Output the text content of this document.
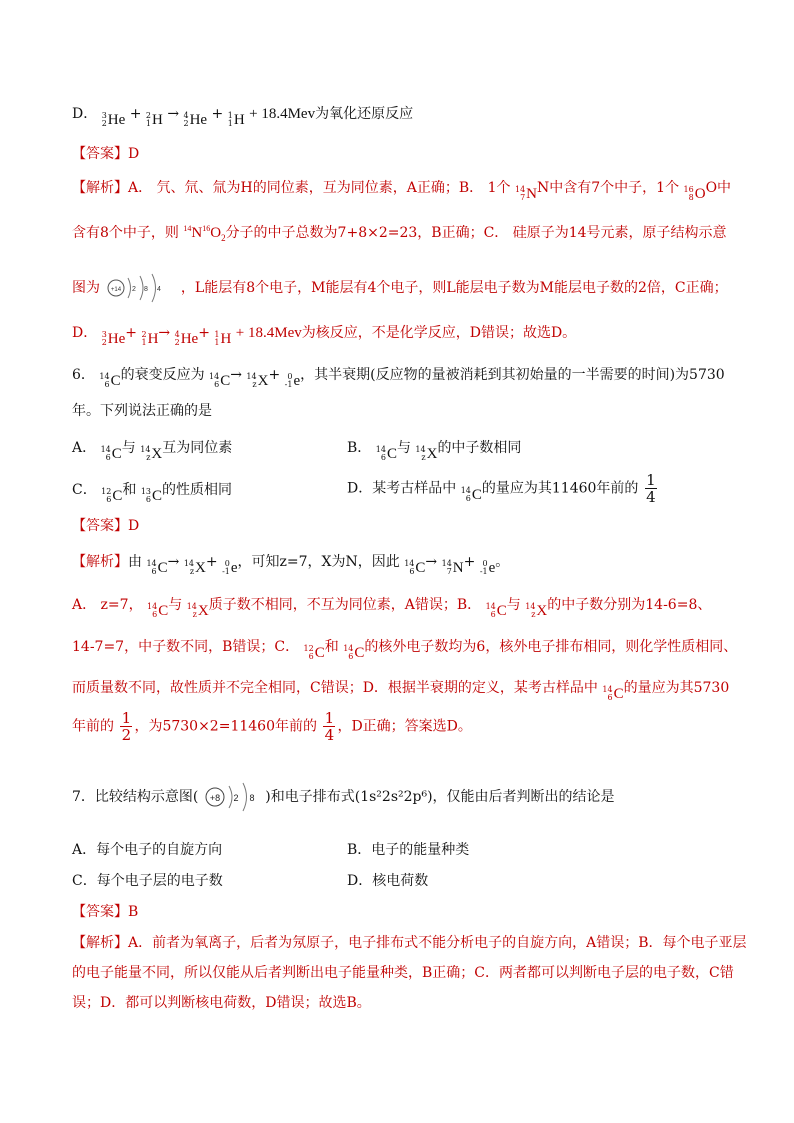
D． 3
2 He + 2
1 H → 4
2 He + 1
1 H + 18.4Mev为氧化还原反应
【答案】D
【解析】A． 氕、氘、氚为H的同位素，互为同位素，A正确；B． 1个 14
7 N N中含有7个中子，1个 16
8 O O中
含有8个中子，则 $^{14}N^{16}O_2$分子的中子总数为7+8×2=23，B正确；C． 硅原子为14号元素，原子结构示意
图为 +14 2 8 4 ，L能层有8个电子，M能层有4个电子，则L能层电子数为M能层电子数的2倍，C正确；
D． 3
2 He + 2
1 H → 4
2 He + 1
1 H + 18.4Mev为核反应，不是化学反应，D错误；故选D。
6． 14
6 C 的衰变反应为 14
6 C → 14
z X + 0
-1 e ，其半衰期(反应物的量被消耗到其初始量的一半需要的时间)为5730
年。下列说法正确的是
A． 14
6 C 与 14
z X 互为同位素	B． 14
6 C 与 14
z X 的中子数相同
C． 12
6 C 和 13
6 C 的性质相同	D．某考古样品中 14
6 C 的量应为其11460年前的 $\frac{1}{4}$
【答案】D
【解析】由 14
6 C → 14
z X + 0
-1 e ，可知z=7，X为N，因此 14
6 C → 14
7 N + 0
-1 e 。
A． z=7， 14
6 C 与 14
z X 质子数不相同，不互为同位素，A错误；B． 14
6 C 与 14
z X 的中子数分别为14-6=8、
14-7=7，中子数不同，B错误；C． 12
6 C 和 14
6 C 的核外电子数均为6，核外电子排布相同，则化学性质相同、
而质量数不同，故性质并不完全相同，C错误；D．根据半衰期的定义，某考古样品中 14
6 C 的量应为其5730
年前的 $\frac{1}{2}$ ，为5730×2=11460年前的 $\frac{1}{4}$ ，D正确；答案选D。
7．比较结构示意图( +8 2 8 )和电子排布式(1s²2s²2p⁶)，仅能由后者判断出的结论是
A．每个电子的自旋方向	B．电子的能量种类
C．每个电子层的电子数	D．核电荷数
【答案】B
【解析】A．前者为氧离子，后者为氖原子，电子排布式不能分析电子的自旋方向，A错误；B．每个电子亚层
的电子能量不同，所以仅能从后者判断出电子能量种类，B正确；C．两者都可以判断电子层的电子数，C错
误；D．都可以判断核电荷数，D错误；故选B。
